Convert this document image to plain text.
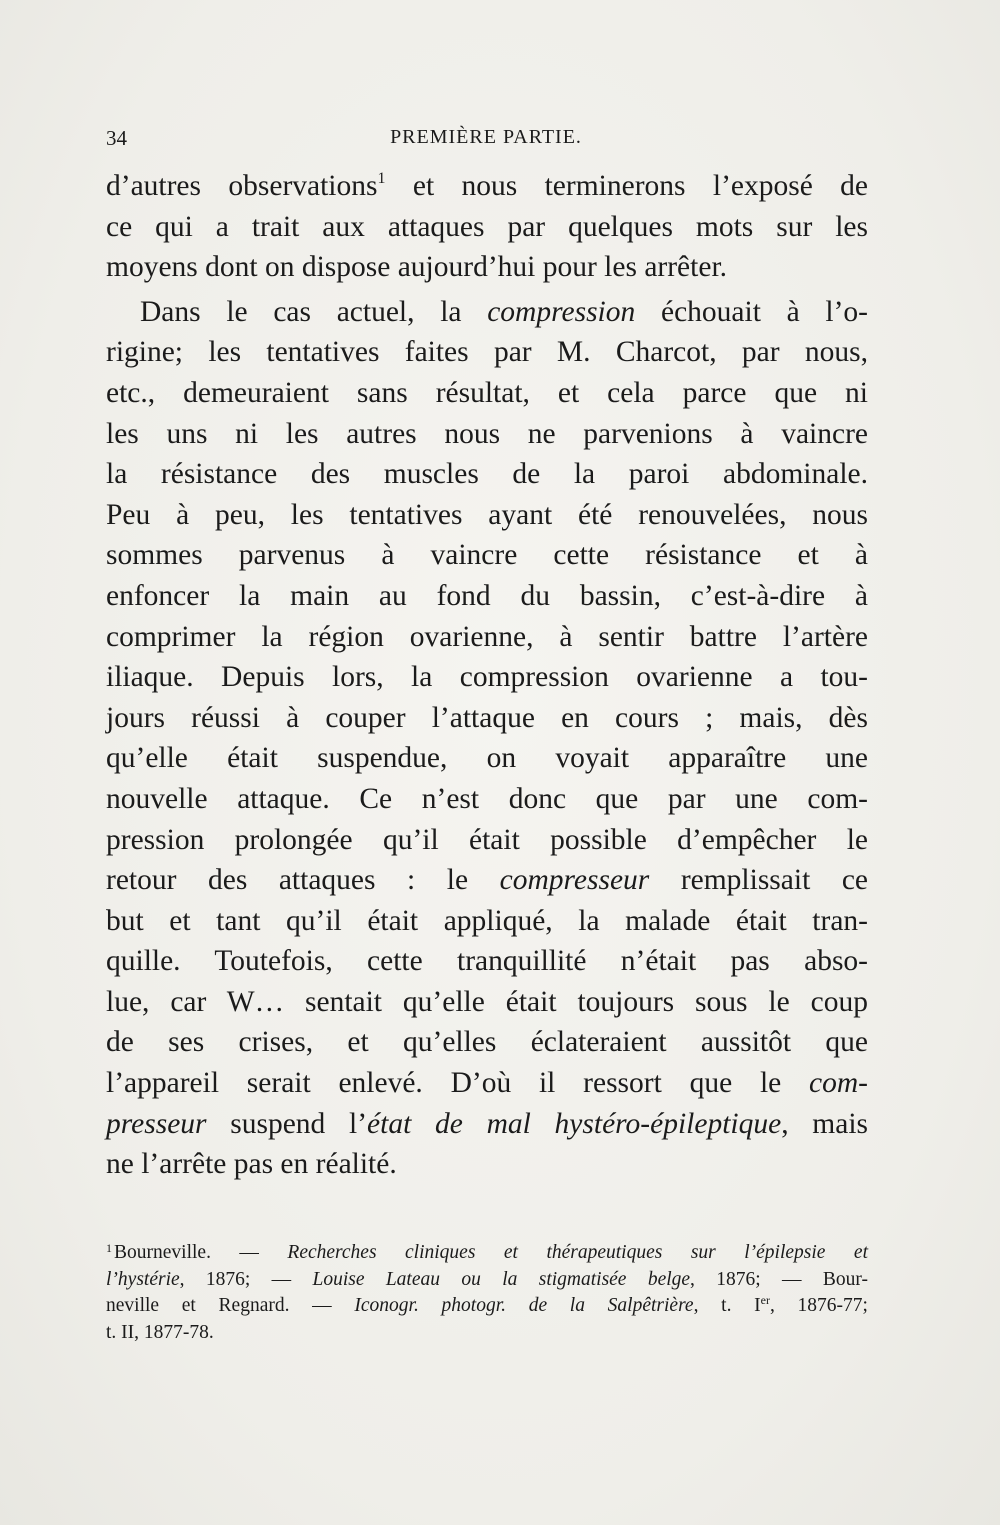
34	PREMIÈRE PARTIE.
d’autres observations$^1$ et nous terminerons l’exposé de
ce qui a trait aux attaques par quelques mots sur les
moyens dont on dispose aujourd’hui pour les arrêter.
Dans le cas actuel, la compression échouait à l’o-
rigine; les tentatives faites par M. Charcot, par nous,
etc., demeuraient sans résultat, et cela parce que ni
les uns ni les autres nous ne parvenions à vaincre
la résistance des muscles de la paroi abdominale.
Peu à peu, les tentatives ayant été renouvelées, nous
sommes parvenus à vaincre cette résistance et à
enfoncer la main au fond du bassin, c’est-à-dire à
comprimer la région ovarienne, à sentir battre l’artère
iliaque. Depuis lors, la compression ovarienne a tou-
jours réussi à couper l’attaque en cours ; mais, dès
qu’elle était suspendue, on voyait apparaître une
nouvelle attaque. Ce n’est donc que par une com-
pression prolongée qu’il était possible d’empêcher le
retour des attaques : le compresseur remplissait ce
but et tant qu’il était appliqué, la malade était tran-
quille. Toutefois, cette tranquillité n’était pas abso-
lue, car W… sentait qu’elle était toujours sous le coup
de ses crises, et qu’elles éclateraient aussitôt que
l’appareil serait enlevé. D’où il ressort que le com-
presseur suspend l’état de mal hystéro-épileptique, mais
ne l’arrête pas en réalité.
$^1$ Bourneville. — Recherches cliniques et thérapeutiques sur l’épilepsie et
l’hystérie, 1876; — Louise Lateau ou la stigmatisée belge, 1876; — Bour-
neville et Regnard. — Iconogr. photogr. de la Salpêtrière, t. Ier, 1876-77;
t. II, 1877-78.
